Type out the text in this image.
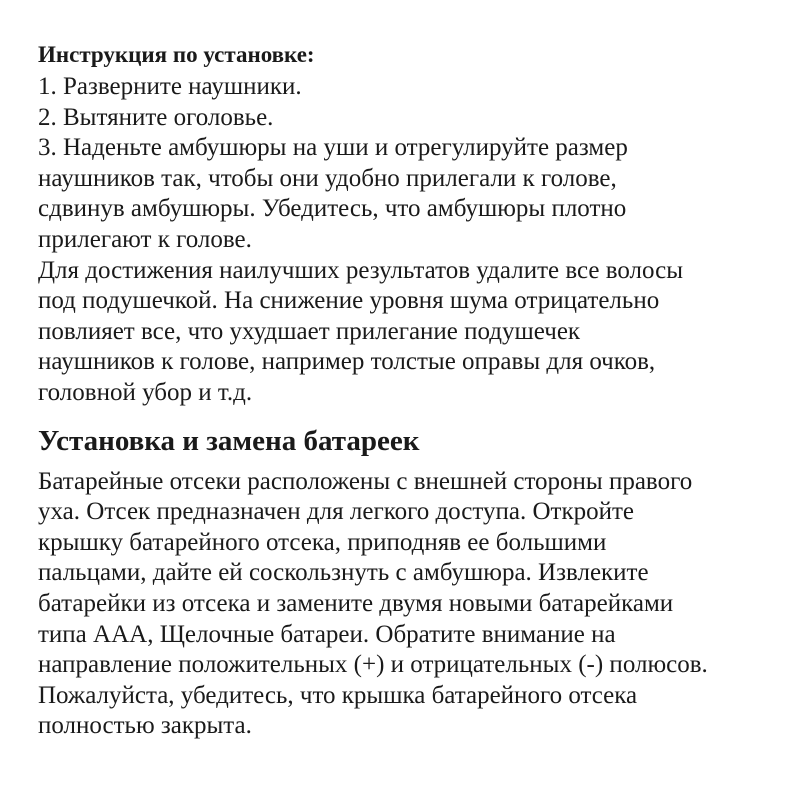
Инструкция по установке:

1. Разверните наушники.

2. Вытяните оголовье.

3. Наденьте амбушюры на уши и отрегулируйте размер

наушников так, чтобы они удобно прилегали к голове,

сдвинув амбушюры. Убедитесь, что амбушюры плотно

прилегают к голове.

Для достижения наилучших результатов удалите все волосы

под подушечкой. На снижение уровня шума отрицательно

повлияет все, что ухудшает прилегание подушечек

наушников к голове, например толстые оправы для очков,

головной убор и т.д.

Установка и замена батареек

Батарейные отсеки расположены с внешней стороны правого

уха. Отсек предназначен для легкого доступа. Откройте

крышку батарейного отсека, приподняв ее большими

пальцами, дайте ей соскользнуть с амбушюра. Извлеките

батарейки из отсека и замените двумя новыми батарейками

типа ААА, Щелочные батареи. Обратите внимание на

направление положительных (+) и отрицательных (-) полюсов.

Пожалуйста, убедитесь, что крышка батарейного отсека

полностью закрыта.
